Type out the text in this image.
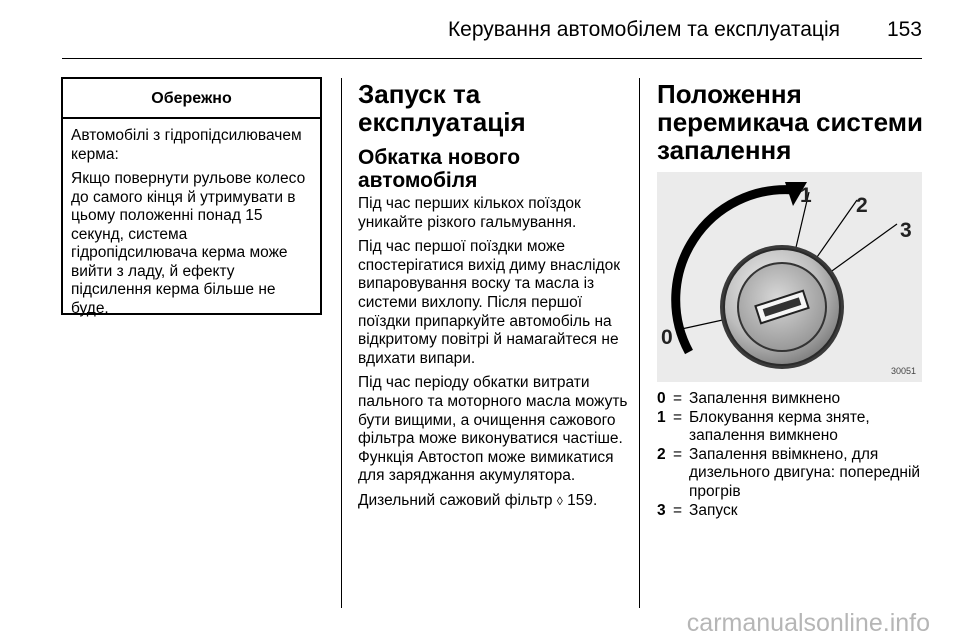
Керування автомобілем та експлуатація 153
Обережно

Автомобілі з гідропідсилювачем керма:

Якщо повернути рульове колесо до самого кінця й утримувати в цьому положенні понад 15 секунд, система гідропідсилювача керма може вийти з ладу, й ефекту підсилення керма більше не буде.

Запуск та експлуатація
Обкатка нового автомобіля

Під час перших кількох поїздок уникайте різкого гальмування.

Під час першої поїздки може спостерігатися вихід диму внаслідок випаровування воску та масла із системи вихлопу. Після першої поїздки припаркуйте автомобіль на відкритому повітрі й намагайтеся не вдихати випари.

Під час періоду обкатки витрати пального та моторного масла можуть бути вищими, а очищення сажового фільтра може виконуватися частіше. Функція Автостоп може вимикатися для заряджання акумулятора.

Дизельний сажовий фільтр ◊ 159.

Положення перемикача системи запалення
1 2
3
0
30051
0 = Запалення вимкнено
1 = Блокування керма зняте, запалення вимкнено
2 = Запалення ввімкнено, для дизельного двигуна: попередній прогрів
3 = Запуск
carmanualsonline.info
